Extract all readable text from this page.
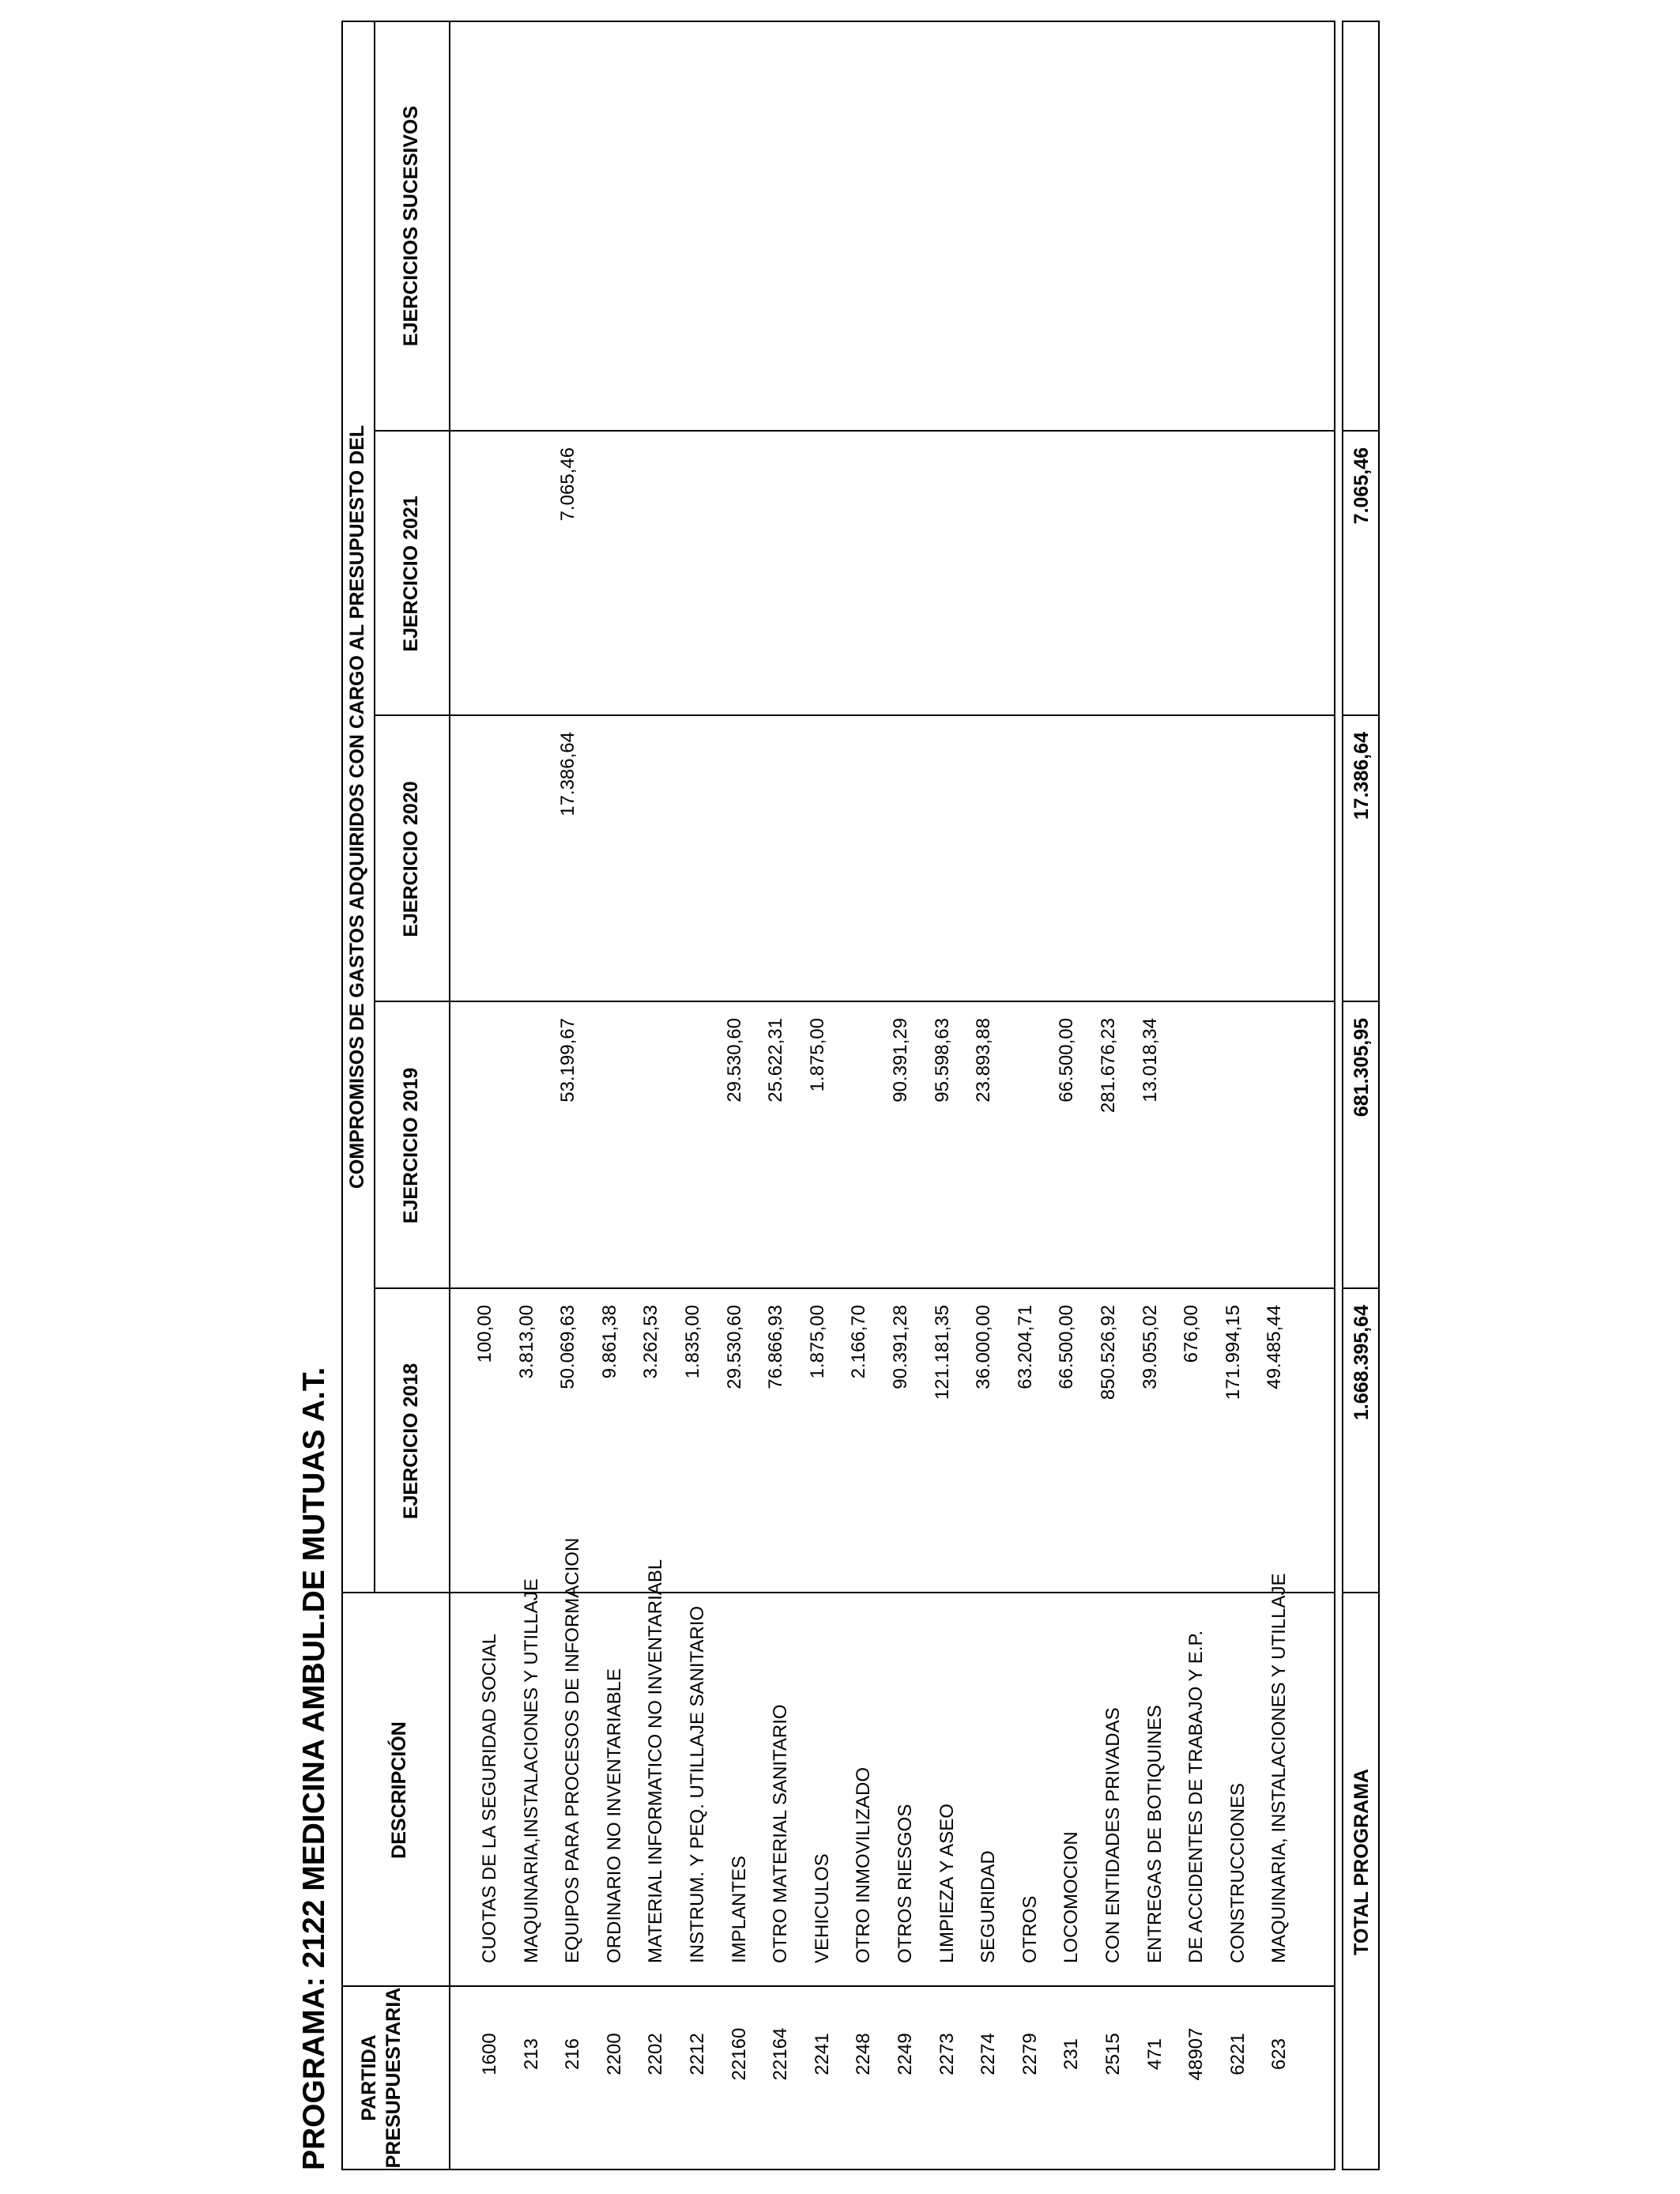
PROGRAMA: 2122 MEDICINA AMBUL.DE MUTUAS A.T. PARTIDA
PRESUPUESTARIA
DESCRIPCIÓN
COMPROMISOS DE GASTOS ADQUIRIDOS CON CARGO AL PRESUPUESTO DEL
EJERCICIO 2018
EJERCICIO 2019
EJERCICIO 2020
EJERCICIO 2021
EJERCICIOS SUCESIVOS
1600
CUOTAS DE LA SEGURIDAD SOCIAL
100,00
213
MAQUINARIA,INSTALACIONES Y UTILLAJE
3.813,00
216
EQUIPOS PARA PROCESOS DE INFORMACION
50.069,63
53.199,67
17.386,64
7.065,46
2200
ORDINARIO NO INVENTARIABLE
9.861,38
2202
MATERIAL INFORMATICO NO INVENTARIABL
3.262,53
2212
INSTRUM. Y PEQ. UTILLAJE SANITARIO
1.835,00
22160
IMPLANTES
29.530,60
29.530,60
22164
OTRO MATERIAL SANITARIO
76.866,93
25.622,31
2241
VEHICULOS
1.875,00
1.875,00
2248
OTRO INMOVILIZADO
2.166,70
2249
OTROS RIESGOS
90.391,28
90.391,29
2273
LIMPIEZA Y ASEO
121.181,35
95.598,63
2274
SEGURIDAD
36.000,00
23.893,88
2279
OTROS
63.204,71
231
LOCOMOCION
66.500,00
66.500,00
2515
CON ENTIDADES PRIVADAS
850.526,92
281.676,23
471
ENTREGAS DE BOTIQUINES
39.055,02
13.018,34
48907
DE ACCIDENTES DE TRABAJO Y E.P.
676,00
6221
CONSTRUCCIONES
171.994,15
623
MAQUINARIA, INSTALACIONES Y UTILLAJE
49.485,44
TOTAL PROGRAMA
1.668.395,64
681.305,95
17.386,64
7.065,46
